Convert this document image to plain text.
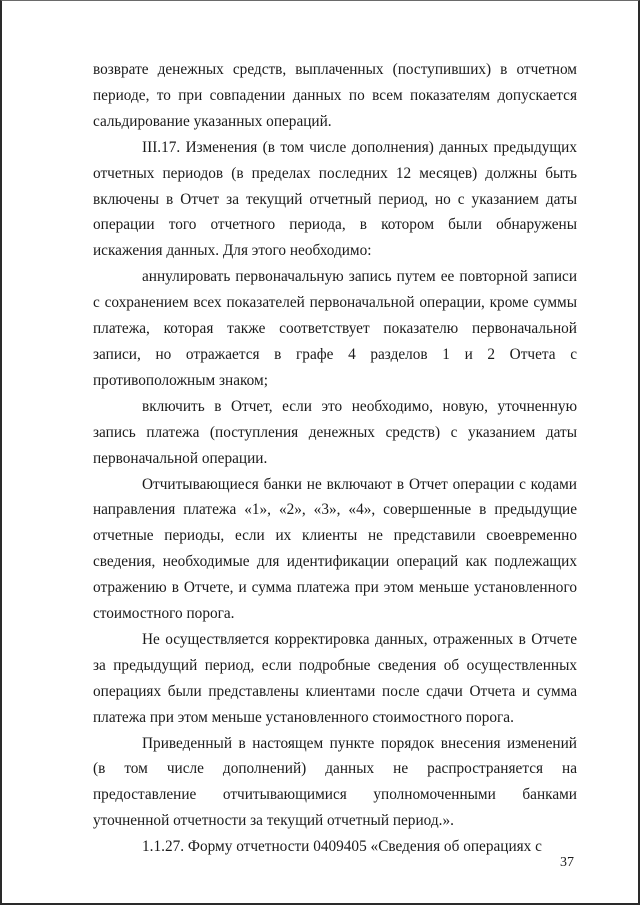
возврате денежных средств, выплаченных (поступивших) в отчетном периоде, то при совпадении данных по всем показателям допускается сальдирование указанных операций.

III.17. Изменения (в том числе дополнения) данных предыдущих отчетных периодов (в пределах последних 12 месяцев) должны быть включены в Отчет за текущий отчетный период, но с указанием даты операции того отчетного периода, в котором были обнаружены искажения данных. Для этого необходимо:

аннулировать первоначальную запись путем ее повторной записи с сохранением всех показателей первоначальной операции, кроме суммы платежа, которая также соответствует показателю первоначальной записи, но отражается в графе 4 разделов 1 и 2 Отчета с противоположным знаком;

включить в Отчет, если это необходимо, новую, уточненную запись платежа (поступления денежных средств) с указанием даты первоначальной операции.

Отчитывающиеся банки не включают в Отчет операции с кодами направления платежа «1», «2», «3», «4», совершенные в предыдущие отчетные периоды, если их клиенты не представили своевременно сведения, необходимые для идентификации операций как подлежащих отражению в Отчете, и сумма платежа при этом меньше установленного стоимостного порога.

Не осуществляется корректировка данных, отраженных в Отчете за предыдущий период, если подробные сведения об осуществленных операциях были представлены клиентами после сдачи Отчета и сумма платежа при этом меньше установленного стоимостного порога.

Приведенный в настоящем пункте порядок внесения изменений (в том числе дополнений) данных не распространяется на предоставление отчитывающимися уполномоченными банками уточненной отчетности за текущий отчетный период.».

1.1.27. Форму отчетности 0409405 «Сведения об операциях с

37
